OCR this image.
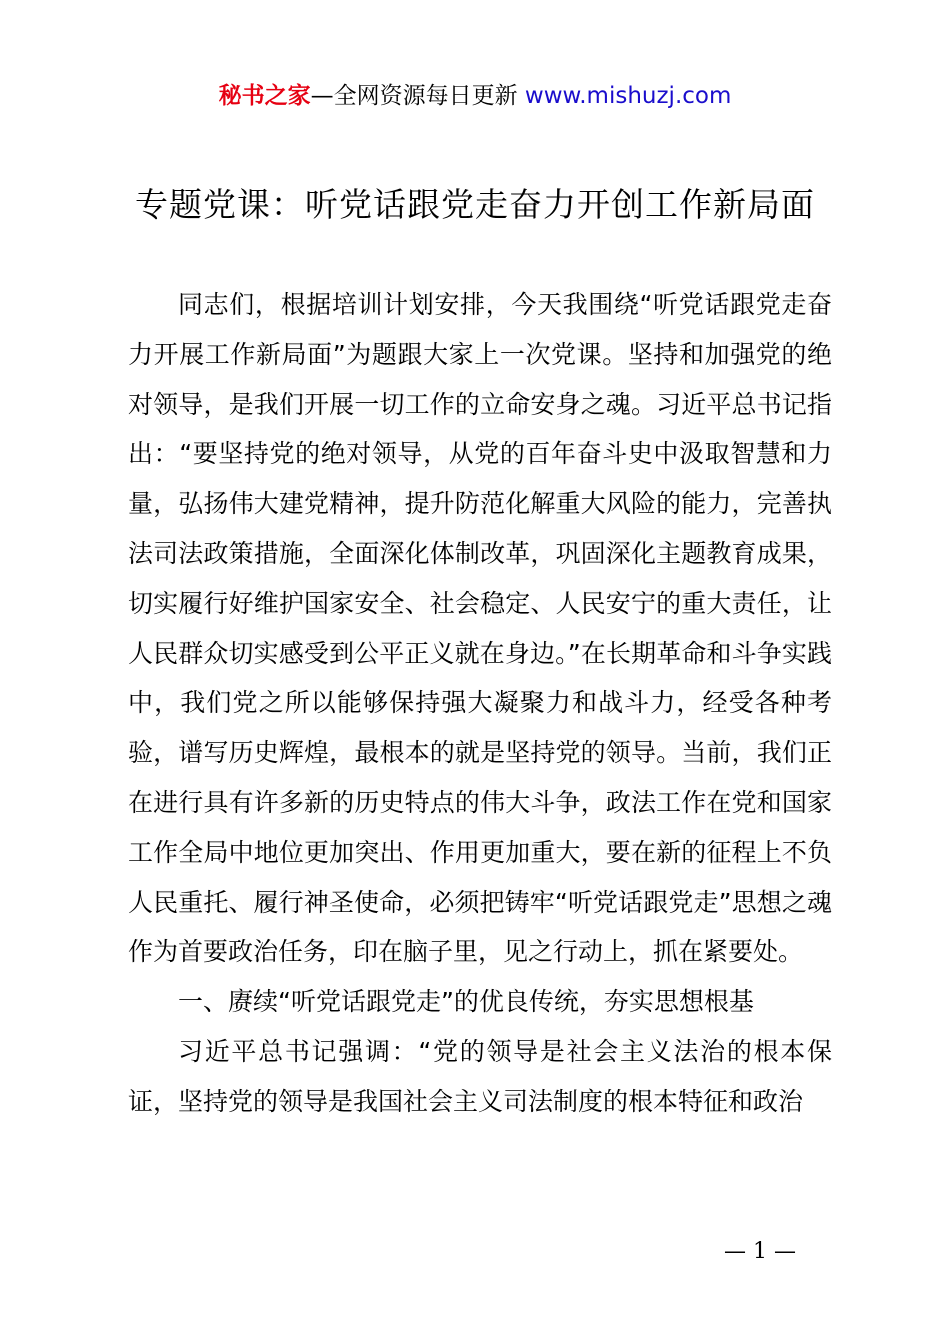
秘书之家—全网资源每日更新 www.mishuzj.com
专题党课：听党话跟党走奋力开创工作新局面

同志们，根据培训计划安排，今天我围绕“听党话跟党走奋力开展工作新局面”为题跟大家上一次党课。坚持和加强党的绝对领导，是我们开展一切工作的立命安身之魂。习近平总书记指出：“要坚持党的绝对领导，从党的百年奋斗史中汲取智慧和力量，弘扬伟大建党精神，提升防范化解重大风险的能力，完善执法司法政策措施，全面深化体制改革，巩固深化主题教育成果，切实履行好维护国家安全、社会稳定、人民安宁的重大责任，让人民群众切实感受到公平正义就在身边。”在长期革命和斗争实践中，我们党之所以能够保持强大凝聚力和战斗力，经受各种考验，谱写历史辉煌，最根本的就是坚持党的领导。当前，我们正在进行具有许多新的历史特点的伟大斗争，政法工作在党和国家工作全局中地位更加突出、作用更加重大，要在新的征程上不负人民重托、履行神圣使命，必须把铸牢“听党话跟党走”思想之魂作为首要政治任务，印在脑子里，见之行动上，抓在紧要处。

一、赓续“听党话跟党走”的优良传统，夯实思想根基

习近平总书记强调：“党的领导是社会主义法治的根本保证，坚持党的领导是我国社会主义司法制度的根本特征和政治

— 1 —
